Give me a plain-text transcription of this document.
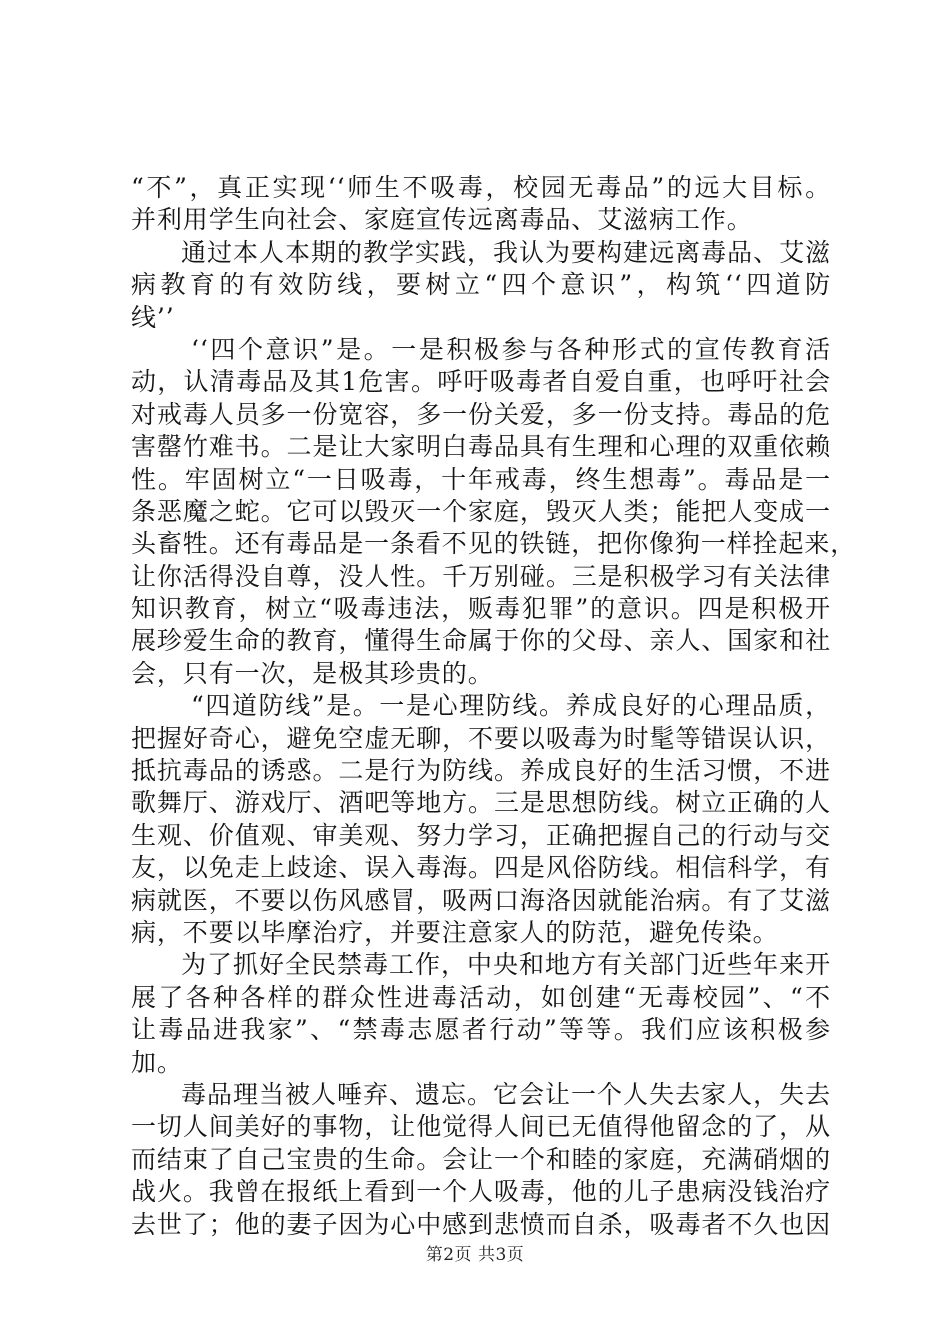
“不”，真正实现‘‘师生不吸毒，校园无毒品”的远大目标。
并利用学生向社会、家庭宣传远离毒品、艾滋病工作。
通过本人本期的教学实践，我认为要构建远离毒品、艾滋
病教育的有效防线，要树立“四个意识”，构筑‘‘四道防
线’’
‘‘四个意识”是。一是积极参与各种形式的宣传教育活
动，认清毒品及其1危害。呼吁吸毒者自爱自重，也呼吁社会
对戒毒人员多一份宽容，多一份关爱，多一份支持。毒品的危
害罄竹难书。二是让大家明白毒品具有生理和心理的双重依赖
性。牢固树立“一日吸毒，十年戒毒，终生想毒”。毒品是一
条恶魔之蛇。它可以毁灭一个家庭，毁灭人类；能把人变成一
头畜牲。还有毒品是一条看不见的铁链，把你像狗一样拴起来，
让你活得没自尊，没人性。千万别碰。三是积极学习有关法律
知识教育，树立“吸毒违法，贩毒犯罪”的意识。四是积极开
展珍爱生命的教育，懂得生命属于你的父母、亲人、国家和社
会，只有一次，是极其珍贵的。
“四道防线”是。一是心理防线。养成良好的心理品质，
把握好奇心，避免空虚无聊，不要以吸毒为时髦等错误认识，
抵抗毒品的诱惑。二是行为防线。养成良好的生活习惯，不进
歌舞厅、游戏厅、酒吧等地方。三是思想防线。树立正确的人
生观、价值观、审美观、努力学习，正确把握自己的行动与交
友，以免走上歧途、误入毒海。四是风俗防线。相信科学，有
病就医，不要以伤风感冒，吸两口海洛因就能治病。有了艾滋
病，不要以毕摩治疗，并要注意家人的防范，避免传染。
为了抓好全民禁毒工作，中央和地方有关部门近些年来开
展了各种各样的群众性进毒活动，如创建“无毒校园”、“不
让毒品进我家”、“禁毒志愿者行动”等等。我们应该积极参
加。
毒品理当被人唾弃、遗忘。它会让一个人失去家人，失去
一切人间美好的事物，让他觉得人间已无值得他留念的了，从
而结束了自己宝贵的生命。会让一个和睦的家庭，充满硝烟的
战火。我曾在报纸上看到一个人吸毒，他的儿子患病没钱治疗
去世了；他的妻子因为心中感到悲愤而自杀，吸毒者不久也因
第2页 共3页
